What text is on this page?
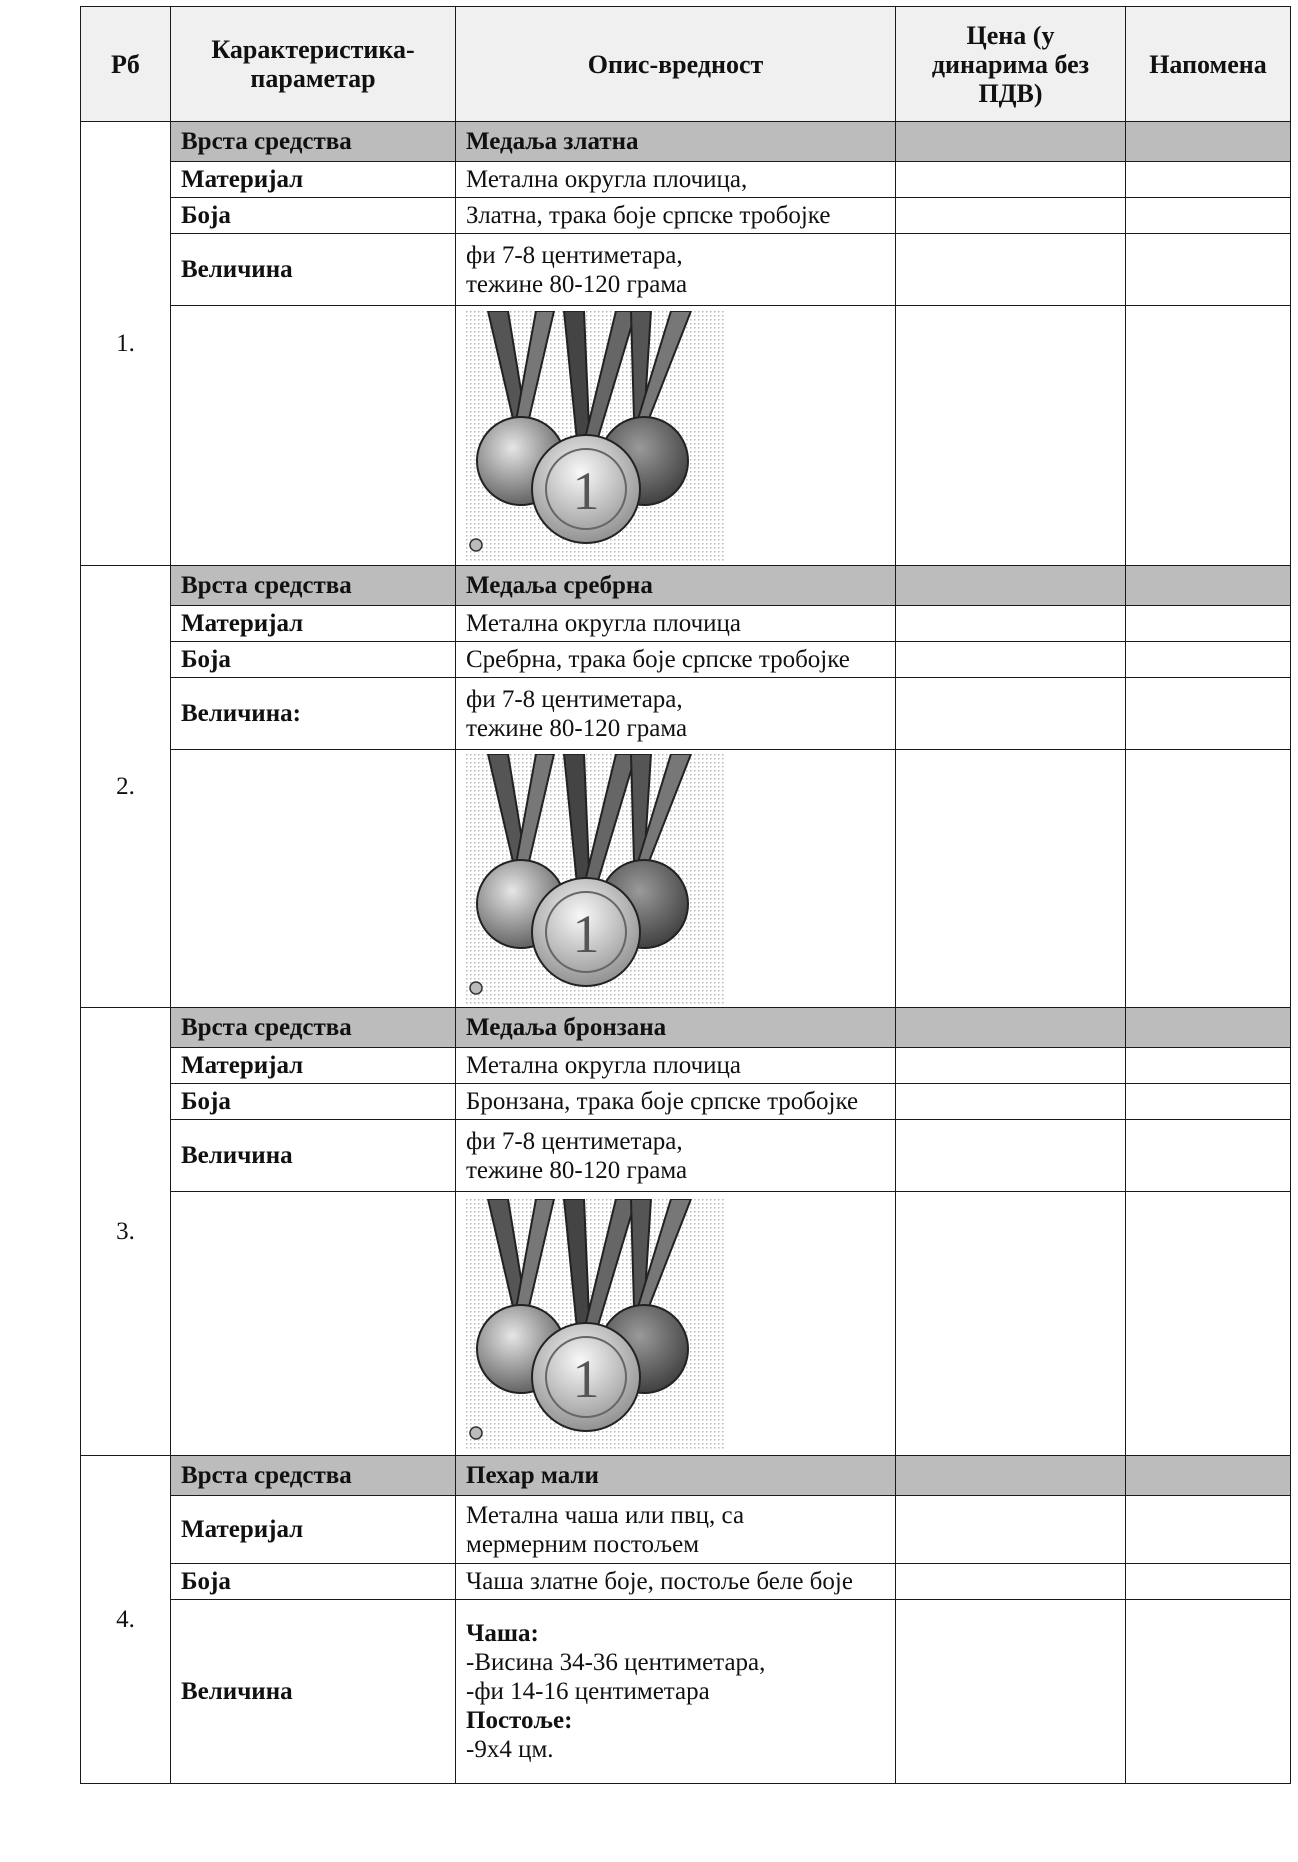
Рб	Карактеристика-параметар	Опис-вредност	Цена (у динарима без ПДВ)	Напомена
1.	Врста средства	Медаља златна		
	Материјал	Метална округла плочица,		
	Боја	Златна, трака боје српске тробојке		
	Величина	фи 7-8 центиметара,
тежине 80-120 грама		

2.	Врста средства	Медаља сребрна		
	Материјал	Метална округла плочица		
	Боја	Сребрна, трака боје српске тробојке		
	Величина:	фи 7-8 центиметара,
тежине 80-120 грама		

3.	Врста средства	Медаља бронзана		
	Материјал	Метална округла плочица		
	Боја	Бронзана, трака боје српске тробојке		
	Величина	фи 7-8 центиметара,
тежине 80-120 грама		

4.	Врста средства	Пехар мали		
	Материјал	Метална чаша или пвц, са
мермерним постољем		

	Боја	Чаша златне боје, постоље беле боје		
	Величина	Чаша:
-Висина 34-36 центиметара,
-фи 14-16 центиметара
Постоље:
-9x4 цм.		
